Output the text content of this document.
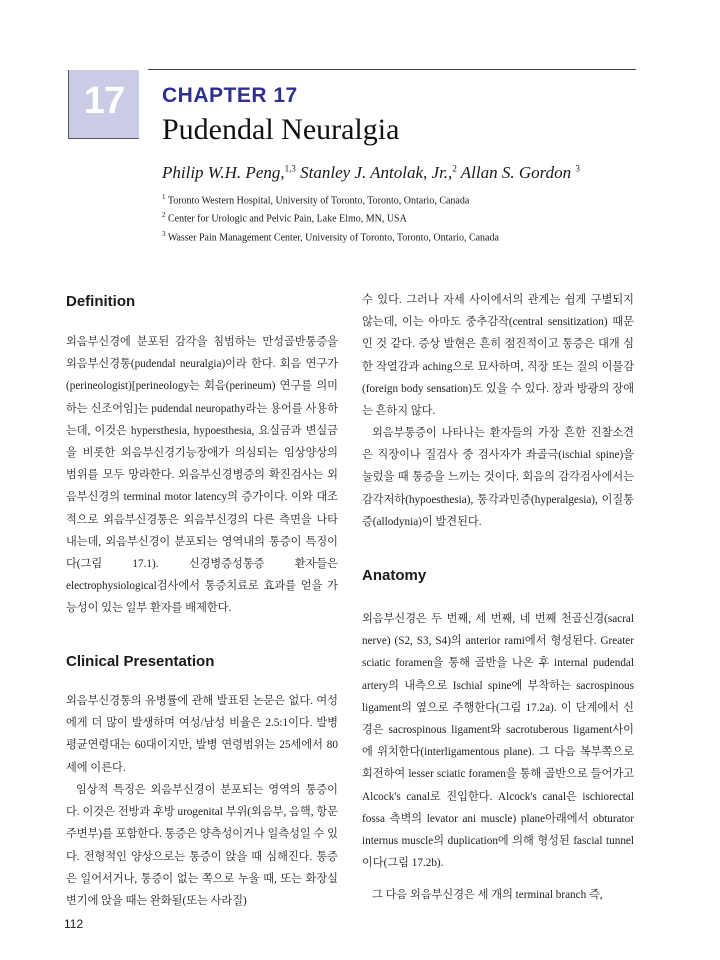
17	CHAPTER 17
Pudendal Neuralgia
Philip W.H. Peng,$^{1,3}$ Stanley J. Antolak, Jr.,$^2$ Allan S. Gordon $^3$
$^1$ Toronto Western Hospital, University of Toronto, Toronto, Ontario, Canada
$^2$ Center for Urologic and Pelvic Pain, Lake Elmo, MN, USA
$^3$ Wasser Pain Management Center, University of Toronto, Toronto, Ontario, Canada
Definition
외음부신경에 분포된 감각을 침범하는 만성골반통증을 외음부신경통(pudendal neuralgia)이라 한다. 회음 연구가(perineologist)[perineology는 회음(perineum) 연구를 의미하는 신조어임]는 pudendal neuropathy라는 용어를 사용하는데, 이것은 hypersthesia, hypoesthesia, 요실금과 변실금을 비롯한 외음부신경기능장애가 의심되는 임상양상의 범위를 모두 망라한다. 외음부신경병증의 확진검사는 외음부신경의 terminal motor latency의 증가이다. 이와 대조적으로 외음부신경통은 외음부신경의 다른 측면을 나타내는데, 외음부신경이 분포되는 영역내의 통증이 특징이다(그림 17.1). 신경병증성통증 환자들은 electrophysiological검사에서 통증치료로 효과를 얻을 가능성이 있는 일부 환자를 배제한다.
Clinical Presentation
외음부신경통의 유병률에 관해 발표된 논문은 없다. 여성에게 더 많이 발생하며 여성/남성 비율은 2.5:1이다. 발병 평균연령대는 60대이지만, 발병 연령범위는 25세에서 80세에 이른다.
임상적 특징은 외음부신경이 분포되는 영역의 통증이다. 이것은 전방과 후방 urogenital 부위(외음부, 음핵, 항문주변부)를 포함한다. 통증은 양측성이거나 일측성일 수 있다. 전형적인 양상으로는 통증이 앉을 때 심해진다. 통증은 일어서거나, 통증이 없는 쪽으로 누울 때, 또는 화장실 변기에 앉을 때는 완화될(또는 사라질)
수 있다. 그러나 자세 사이에서의 관계는 쉽게 구별되지 않는데, 이는 아마도 중추감작(central sensitization) 때문인 것 같다. 증상 발현은 흔히 점진적이고 통증은 대개 심한 작열감과 aching으로 묘사하며, 직장 또는 질의 이물감(foreign body sensation)도 있을 수 있다. 장과 방광의 장애는 흔하지 않다.
외음부통증이 나타나는 환자들의 가장 흔한 진찰소견은 직장이나 질검사 중 검사자가 좌골극(ischial spine)을 눌렀을 때 통증을 느끼는 것이다. 회음의 감각검사에서는 감각저하(hypoesthesia), 통각과민증(hyperalgesia), 이질통증(allodynia)이 발견된다.
Anatomy
외음부신경은 두 번째, 세 번째, 네 번째 천골신경(sacral nerve) (S2, S3, S4)의 anterior rami에서 형성된다. Greater sciatic foramen을 통해 골반을 나온 후 internal pudendal artery의 내측으로 Ischial spine에 부착하는 sacrospinous ligament의 옆으로 주행한다(그림 17.2a). 이 단계에서 신경은 sacrospinous ligament와 sacrotuberous ligament사이에 위치한다(interligamentous plane). 그 다음 복부쪽으로 회전하여 lesser sciatic foramen을 통해 골반으로 들어가고 Alcock's canal로 진입한다. Alcock's canal은 ischiorectal fossa 측벽의 levator ani muscle) plane아래에서 obturator internus muscle의 duplication에 의해 형성된 fascial tunnel이다(그림 17.2b).
그 다음 외음부신경은 세 개의 terminal branch 즉,
112
